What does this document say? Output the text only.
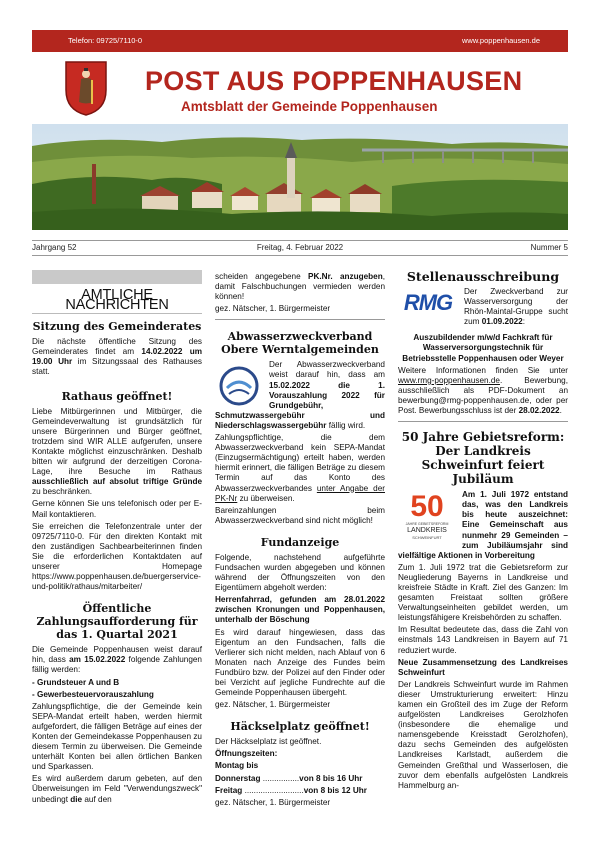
Telefon: 09725/7110-0	www.poppenhausen.de
POST AUS POPPENHAUSEN
Amtsblatt der Gemeinde Poppenhausen
Jahrgang 52	Freitag, 4. Februar 2022	Nummer 5
AMTLICHE NACHRICHTEN
Sitzung des Gemeinderates

Die nächste öffentliche Sitzung des Gemeinderates findet am 14.02.2022 um 19.00 Uhr im Sitzungssaal des Rathauses statt.

Rathaus geöffnet!

Liebe Mitbürgerinnen und Mitbürger, die Gemeindeverwaltung ist grundsätzlich für unsere Bürgerinnen und Bürger geöffnet, trotzdem sind WIR ALLE aufgerufen, unsere Kontakte möglichst einzuschränken. Deshalb bitten wir aufgrund der derzeitigen Corona-Lage, ihre Besuche im Rathaus ausschließlich auf absolut triftige Gründe zu beschränken.

Gerne können Sie uns telefonisch oder per E-Mail kontaktieren.

Sie erreichen die Telefonzentrale unter der 09725/7110-0. Für den direkten Kontakt mit den zuständigen Sachbearbeiterinnen finden Sie die erforderlichen Kontaktdaten auf unserer Homepage https://www.poppenhausen.de/buergerservice-und-politik/rathaus/mitarbeiter/

Öffentliche Zahlungsaufforderung für das 1. Quartal 2021

Die Gemeinde Poppenhausen weist darauf hin, dass am 15.02.2022 folgende Zahlungen fällig werden:

- Grundsteuer A und B

- Gewerbesteuervorauszahlung

Zahlungspflichtige, die der Gemeinde kein SEPA-Mandat erteilt haben, werden hiermit aufgefordert, die fälligen Beträge auf eines der Konten der Gemeindekasse Poppenhausen zu diesem Termin zu überweisen. Die Gemeinde unterhält Konten bei allen örtlichen Banken und Sparkassen.

Es wird außerdem darum gebeten, auf den Überweisungen im Feld "Verwendungszweck" unbedingt die auf den

scheiden angegebene PK.Nr. anzugeben, damit Falschbuchungen vermieden werden können!

gez. Nätscher, 1. Bürgermeister

Abwasserzweckverband Obere Werntalgemeinden

Der Abwasserzweckverband weist darauf hin, dass am 15.02.2022 die 1. Vorauszahlung 2022 für Grundgebühr, Schmutzwassergebühr und Niederschlagswassergebühr fällig wird.

Zahlungspflichtige, die dem Abwasserzweckverband kein SEPA-Mandat (Einzugsermächtigung) erteilt haben, werden hiermit erinnert, die fälligen Beträge zu diesem Termin auf das Konto des Abwasserzweckverbandes unter Angabe der PK-Nr zu überweisen.

Bareinzahlungen beim Abwasserzweckverband sind nicht möglich!

Fundanzeige

Folgende, nachstehend aufgeführte Fundsachen wurden abgegeben und können während der Öffnungszeiten von den Eigentümern abgeholt werden:

Herrenfahrrad, gefunden am 28.01.2022 zwischen Kronungen und Poppenhausen, unterhalb der Böschung

Es wird darauf hingewiesen, dass das Eigentum an den Fundsachen, falls die Verlierer sich nicht melden, nach Ablauf von 6 Monaten nach Anzeige des Fundes beim Fundbüro bzw. der Polizei auf den Finder oder bei Verzicht auf jegliche Fundrechte auf die Gemeinde Poppenhausen übergeht.

gez. Nätscher, 1. Bürgermeister

Häckselplatz geöffnet!

Der Häckselplatz ist geöffnet.

Öffnungszeiten:

Montag bis

Donnerstag ................von 8 bis 16 Uhr

Freitag ..........................von 8 bis 12 Uhr

gez. Nätscher, 1. Bürgermeister

Stellenausschreibung
RMG	Der Zweckverband zur Wasserversorgung der Rhön-Maintal-Gruppe sucht zum 01.09.2022:

Auszubildender m/w/d Fachkraft für Wasserversorgungstechnik für Betriebsstelle Poppenhausen oder Weyer

Weitere Informationen finden Sie unter www.rmg-poppenhausen.de. Bewerbung, ausschließlich als PDF-Dokument an bewerbung@rmg-poppenhausen.de, oder per Post. Bewerbungsschluss ist der 28.02.2022.

50 Jahre Gebietsreform: Der Landkreis Schweinfurt feiert Jubiläum
50
JAHRE GEBIETSREFORM
LANDKREIS
SCHWEINFURT

Am 1. Juli 1972 entstand das, was den Landkreis bis heute auszeichnet: Eine Gemeinschaft aus nunmehr 29 Gemeinden – zum Jubiläumsjahr sind vielfältige Aktionen in Vorbereitung

Zum 1. Juli 1972 trat die Gebietsreform zur Neugliederung Bayerns in Landkreise und kreisfreie Städte in Kraft. Ziel des Ganzen: Im gesamten Freistaat sollten größere Verwaltungseinheiten gebildet werden, um leistungsfähigere Kreisbehörden zu schaffen.

Im Resultat bedeutete das, dass die Zahl von einstmals 143 Landkreisen in Bayern auf 71 reduziert wurde.

Neue Zusammensetzung des Landkreises Schweinfurt

Der Landkreis Schweinfurt wurde im Rahmen dieser Umstrukturierung erweitert: Hinzu kamen ein Großteil des im Zuge der Reform aufgelösten Landkreises Gerolzhofen (insbesondere die ehemalige und namensgebende Kreisstadt Gerolzhofen), dazu sechs Gemeinden des aufgelösten Landkreises Karlstadt, außerdem die Gemeinden Greßthal und Wasserlosen, die zuvor dem ebenfalls aufgelösten Landkreis Hammelburg an-
